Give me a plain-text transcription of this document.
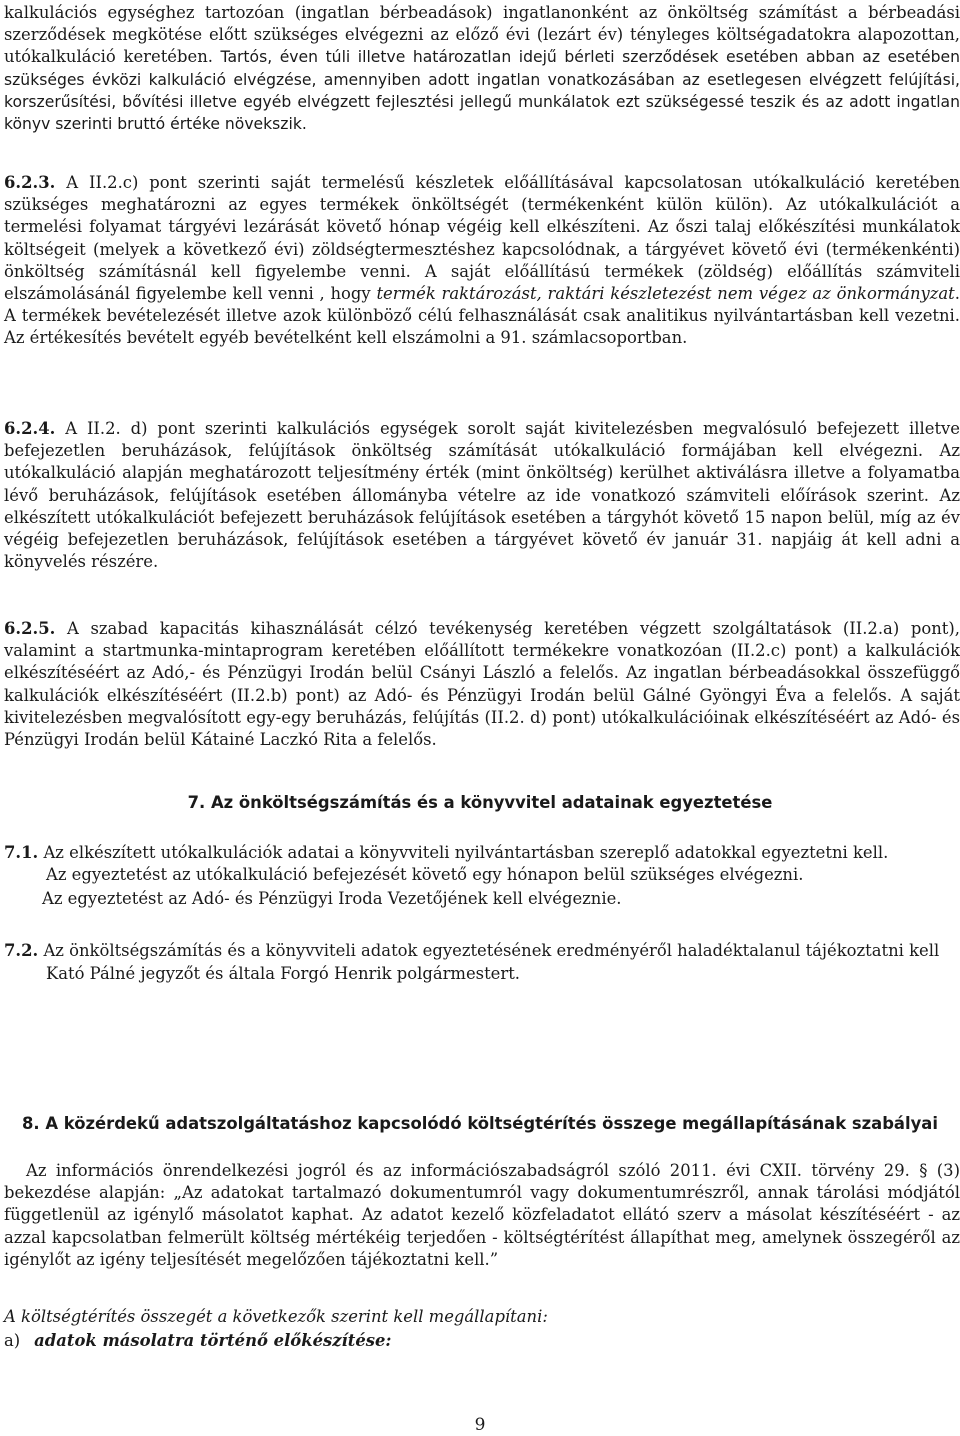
kalkulációs egységhez tartozóan (ingatlan bérbeadások) ingatlanonként az önköltség számítást a bérbeadási szerződések megkötése előtt szükséges elvégezni az előző évi (lezárt év) tényleges költségadatokra alapozottan, utókalkuláció keretében. Tartós, éven túli illetve határozatlan idejű bérleti szerződések esetében abban az esetében szükséges évközi kalkuláció elvégzése, amennyiben adott ingatlan vonatkozásában az esetlegesen elvégzett felújítási, korszerűsítési, bővítési illetve egyéb elvégzett fejlesztési jellegű munkálatok ezt szükségessé teszik és az adott ingatlan könyv szerinti bruttó értéke növekszik.

6.2.3. A II.2.c) pont szerinti saját termelésű készletek előállításával kapcsolatosan utókalkuláció keretében szükséges meghatározni az egyes termékek önköltségét (termékenként külön külön). Az utókalkulációt a termelési folyamat tárgyévi lezárását követő hónap végéig kell elkészíteni. Az őszi talaj előkészítési munkálatok költségeit (melyek a következő évi) zöldségtermesztéshez kapcsolódnak, a tárgyévet követő évi (termékenkénti) önköltség számításnál kell figyelembe venni. A saját előállítású termékek (zöldség) előállítás számviteli elszámolásánál figyelembe kell venni , hogy termék raktározást, raktári készletezést nem végez az önkormányzat. A termékek bevételezését illetve azok különböző célú felhasználását csak analitikus nyilvántartásban kell vezetni. Az értékesítés bevételt egyéb bevételként kell elszámolni a 91. számlacsoportban.

6.2.4. A II.2. d) pont szerinti kalkulációs egységek sorolt saját kivitelezésben megvalósuló befejezett illetve befejezetlen beruházások, felújítások önköltség számítását utókalkuláció formájában kell elvégezni. Az utókalkuláció alapján meghatározott teljesítmény érték (mint önköltség) kerülhet aktiválásra illetve a folyamatba lévő beruházások, felújítások esetében állományba vételre az ide vonatkozó számviteli előírások szerint. Az elkészített utókalkulációt befejezett beruházások felújítások esetében a tárgyhót követő 15 napon belül, míg az év végéig befejezetlen beruházások, felújítások esetében a tárgyévet követő év január 31. napjáig át kell adni a könyvelés részére.

6.2.5. A szabad kapacitás kihasználását célzó tevékenység keretében végzett szolgáltatások (II.2.a) pont), valamint a startmunka-mintaprogram keretében előállított termékekre vonatkozóan (II.2.c) pont) a kalkulációk elkészítéséért az Adó,- és Pénzügyi Irodán belül Csányi László a felelős. Az ingatlan bérbeadásokkal összefüggő kalkulációk elkészítéséért (II.2.b) pont) az Adó- és Pénzügyi Irodán belül Gálné Gyöngyi Éva a felelős. A saját kivitelezésben megvalósított egy-egy beruházás, felújítás (II.2. d) pont) utókalkulációinak elkészítéséért az Adó- és Pénzügyi Irodán belül Kátainé Laczkó Rita a felelős.

7. Az önköltségszámítás és a könyvvitel adatainak egyeztetése

7.1. Az elkészített utókalkulációk adatai a könyvviteli nyilvántartásban szereplő adatokkal egyeztetni kell.

Az egyeztetést az utókalkuláció befejezését követő egy hónapon belül szükséges elvégezni.

Az egyeztetést az Adó- és Pénzügyi Iroda Vezetőjének kell elvégeznie.

7.2. Az önköltségszámítás és a könyvviteli adatok egyeztetésének eredményéről haladéktalanul tájékoztatni kell

Kató Pálné jegyzőt és általa Forgó Henrik polgármestert.

8. A közérdekű adatszolgáltatáshoz kapcsolódó költségtérítés összege megállapításának szabályai

Az információs önrendelkezési jogról és az információszabadságról szóló 2011. évi CXII. törvény 29. § (3) bekezdése alapján: „Az adatokat tartalmazó dokumentumról vagy dokumentumrészről, annak tárolási módjától függetlenül az igénylő másolatot kaphat. Az adatot kezelő közfeladatot ellátó szerv a másolat készítéséért - az azzal kapcsolatban felmerült költség mértékéig terjedően - költségtérítést állapíthat meg, amelynek összegéről az igénylőt az igény teljesítését megelőzően tájékoztatni kell.”

A költségtérítés összegét a következők szerint kell megállapítani:

a) adatok másolatra történő előkészítése:

9
